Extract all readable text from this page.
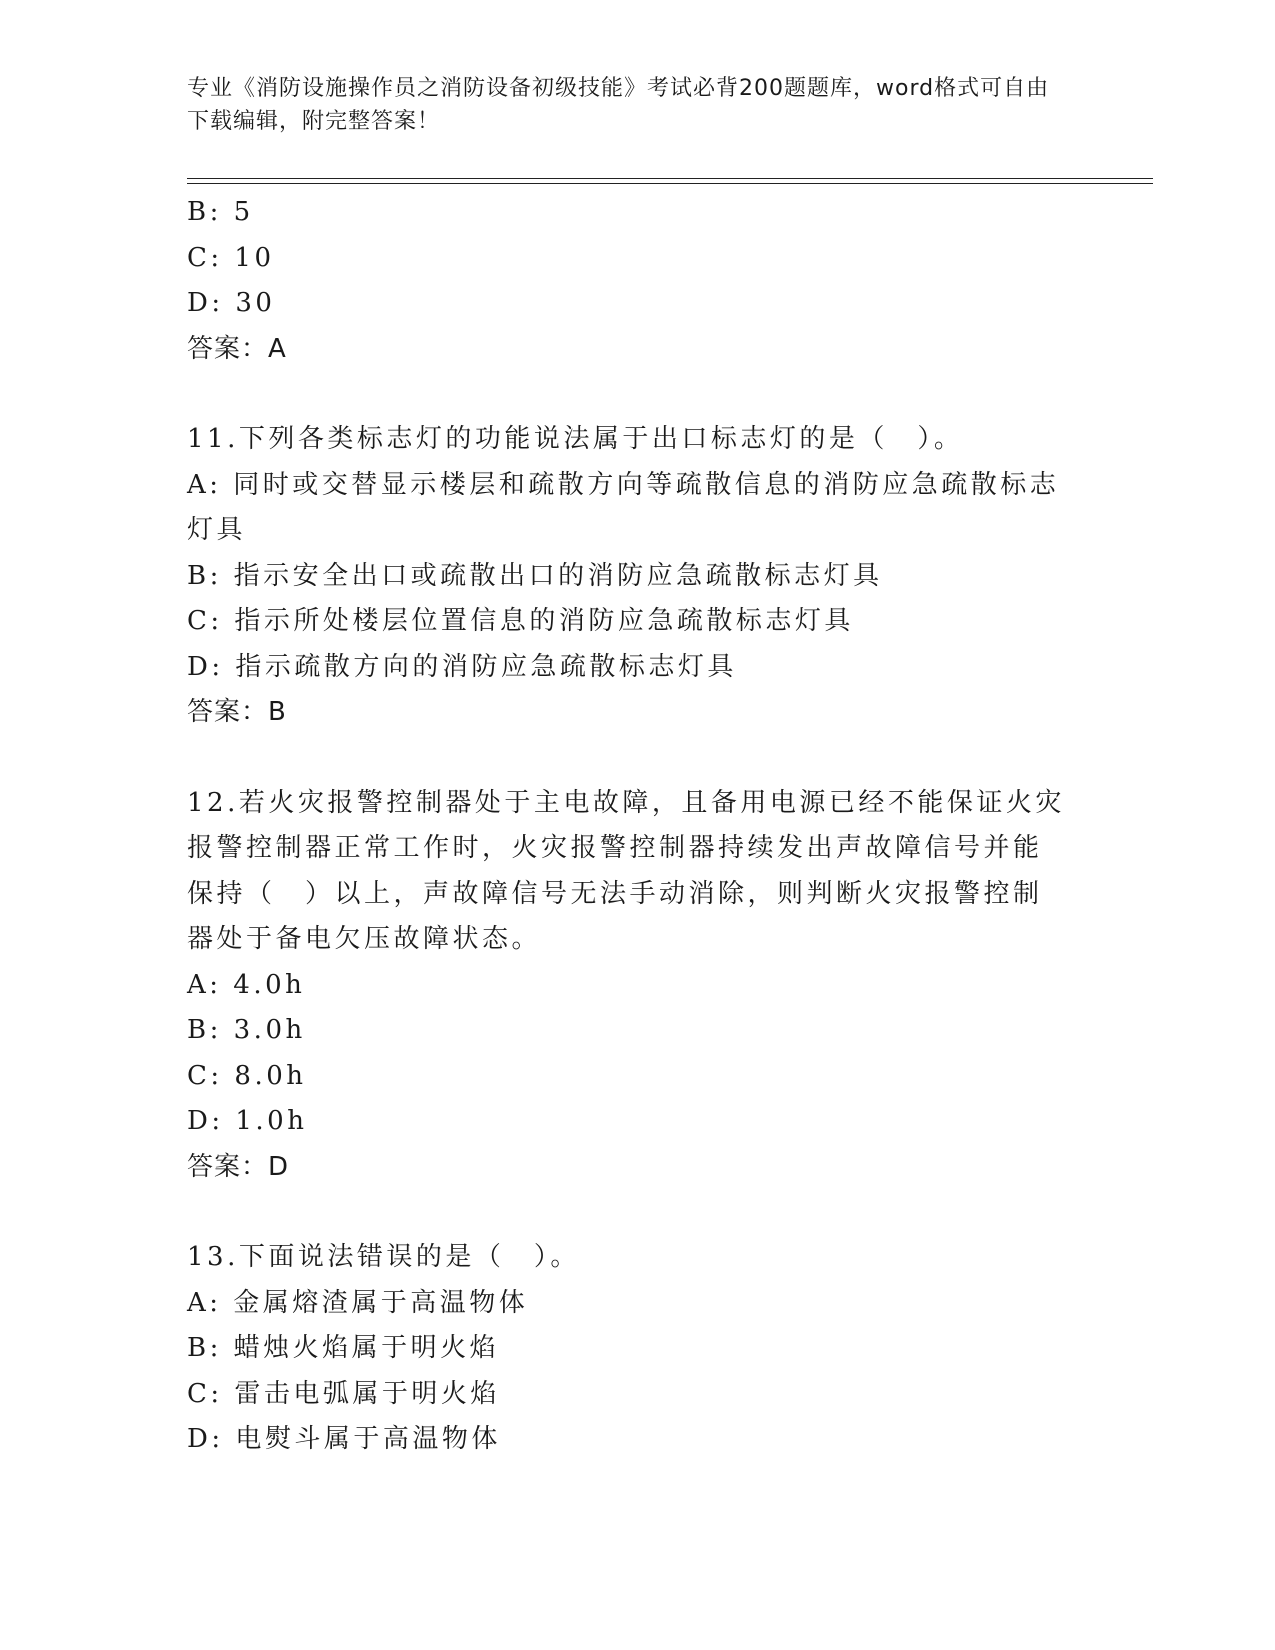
专业《消防设施操作员之消防设备初级技能》考试必背200题题库，word格式可自由下载编辑，附完整答案！

B: 5

C: 10

D: 30

答案：A

11.下列各类标志灯的功能说法属于出口标志灯的是（　）。

A: 同时或交替显示楼层和疏散方向等疏散信息的消防应急疏散标志灯具

B: 指示安全出口或疏散出口的消防应急疏散标志灯具

C: 指示所处楼层位置信息的消防应急疏散标志灯具

D: 指示疏散方向的消防应急疏散标志灯具

答案：B

12.若火灾报警控制器处于主电故障，且备用电源已经不能保证火灾报警控制器正常工作时，火灾报警控制器持续发出声故障信号并能保持（　）以上，声故障信号无法手动消除，则判断火灾报警控制器处于备电欠压故障状态。

A: 4.0h

B: 3.0h

C: 8.0h

D: 1.0h

答案：D

13.下面说法错误的是（　）。

A: 金属熔渣属于高温物体

B: 蜡烛火焰属于明火焰

C: 雷击电弧属于明火焰

D: 电熨斗属于高温物体
